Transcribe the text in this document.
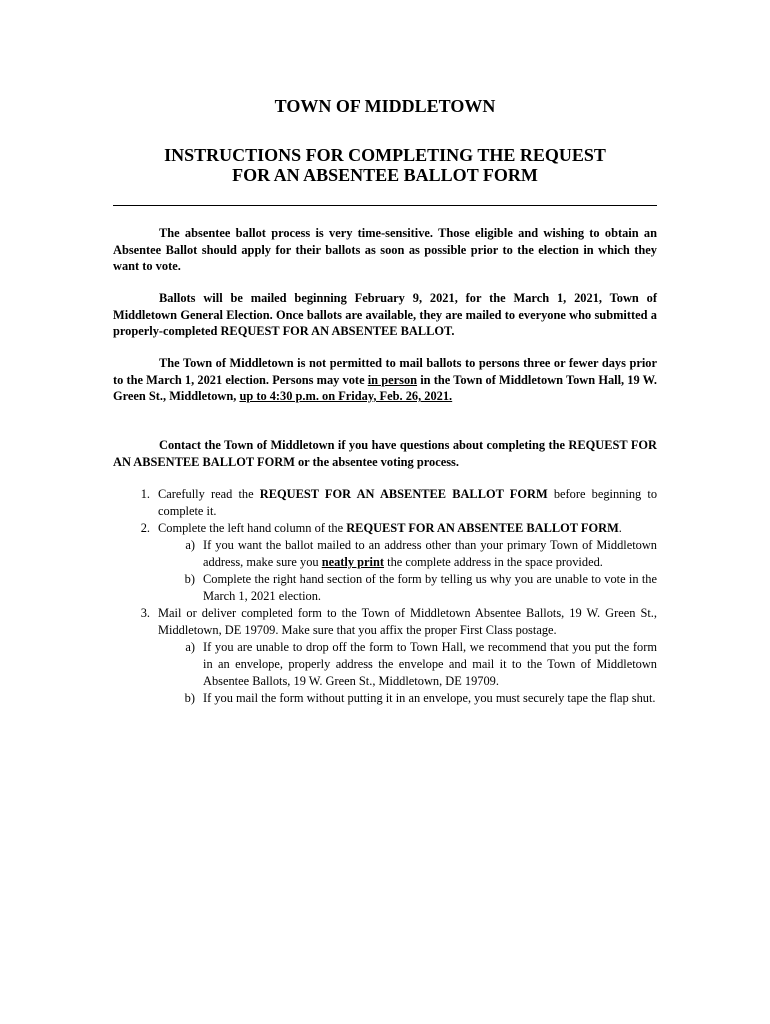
TOWN OF MIDDLETOWN
INSTRUCTIONS FOR COMPLETING THE REQUEST
FOR AN ABSENTEE BALLOT FORM

The absentee ballot process is very time-sensitive. Those eligible and wishing to obtain an Absentee Ballot should apply for their ballots as soon as possible prior to the election in which they want to vote.

Ballots will be mailed beginning February 9, 2021, for the March 1, 2021, Town of Middletown General Election. Once ballots are available, they are mailed to everyone who submitted a properly-completed REQUEST FOR AN ABSENTEE BALLOT.

The Town of Middletown is not permitted to mail ballots to persons three or fewer days prior to the March 1, 2021 election. Persons may vote in person in the Town of Middletown Town Hall, 19 W. Green St., Middletown, up to 4:30 p.m. on Friday, Feb. 26, 2021.

Contact the Town of Middletown if you have questions about completing the REQUEST FOR AN ABSENTEE BALLOT FORM or the absentee voting process.

1. Carefully read the REQUEST FOR AN ABSENTEE BALLOT FORM before beginning to complete it.
2. Complete the left hand column of the REQUEST FOR AN ABSENTEE BALLOT FORM.
a) If you want the ballot mailed to an address other than your primary Town of Middletown address, make sure you neatly print the complete address in the space provided.
b) Complete the right hand section of the form by telling us why you are unable to vote in the March 1, 2021 election.
3. Mail or deliver completed form to the Town of Middletown Absentee Ballots, 19 W. Green St., Middletown, DE 19709. Make sure that you affix the proper First Class postage.
a) If you are unable to drop off the form to Town Hall, we recommend that you put the form in an envelope, properly address the envelope and mail it to the Town of Middletown Absentee Ballots, 19 W. Green St., Middletown, DE 19709.
b) If you mail the form without putting it in an envelope, you must securely tape the flap shut.
